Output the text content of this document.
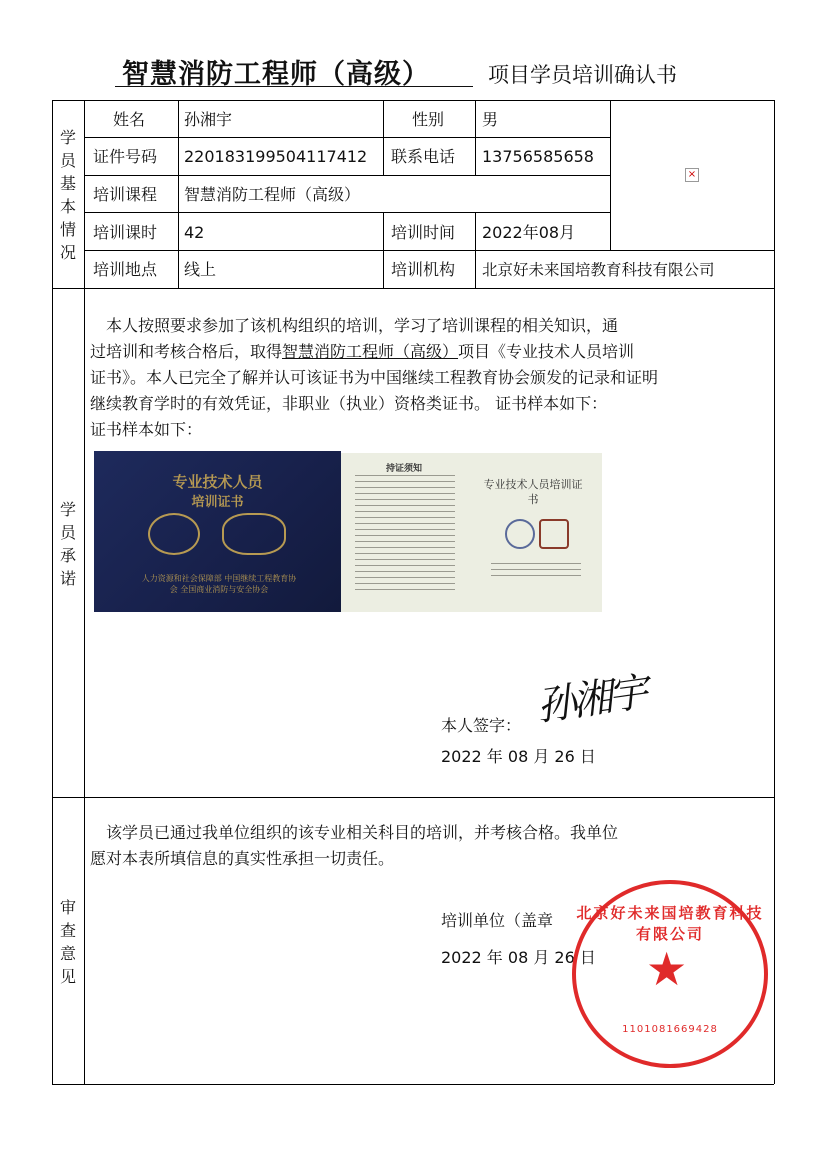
智慧消防工程师（高级）	项目学员培训确认书
学
员
基
本
情
况
姓名 孙湘宇	性别 男
证件号码 220183199504117412 联系电话 13756585658
培训课程 智慧消防工程师（高级）
培训课时 42	培训时间 2022年08月
培训地点 线上	培训机构 北京好未来国培教育科技有限公司
×
学
员
承
诺
本人按照要求参加了该机构组织的培训，学习了培训课程的相关知识，通
过培训和考核合格后，取得智慧消防工程师（高级）项目《专业技术人员培训
证书》。本人已完全了解并认可该证书为中国继续工程教育协会颁发的记录和证明
继续教育学时的有效凭证，非职业（执业）资格类证书。 证书样本如下：
证书样本如下：
专业技术人员
培训证书
人力资源和社会保障部 中国继续工程教育协会 全国商业消防与安全协会
持证须知
专业技术人员培训证书
本人签字： 孙湘宇
2022 年 08 月 26 日
审
查
意
见
该学员已通过我单位组织的该专业相关科目的培训，并考核合格。我单位
愿对本表所填信息的真实性承担一切责任。
培训单位（盖章
2022 年 08 月 26 日
北京好未来国培教育科技有限公司
★
1101081669428
